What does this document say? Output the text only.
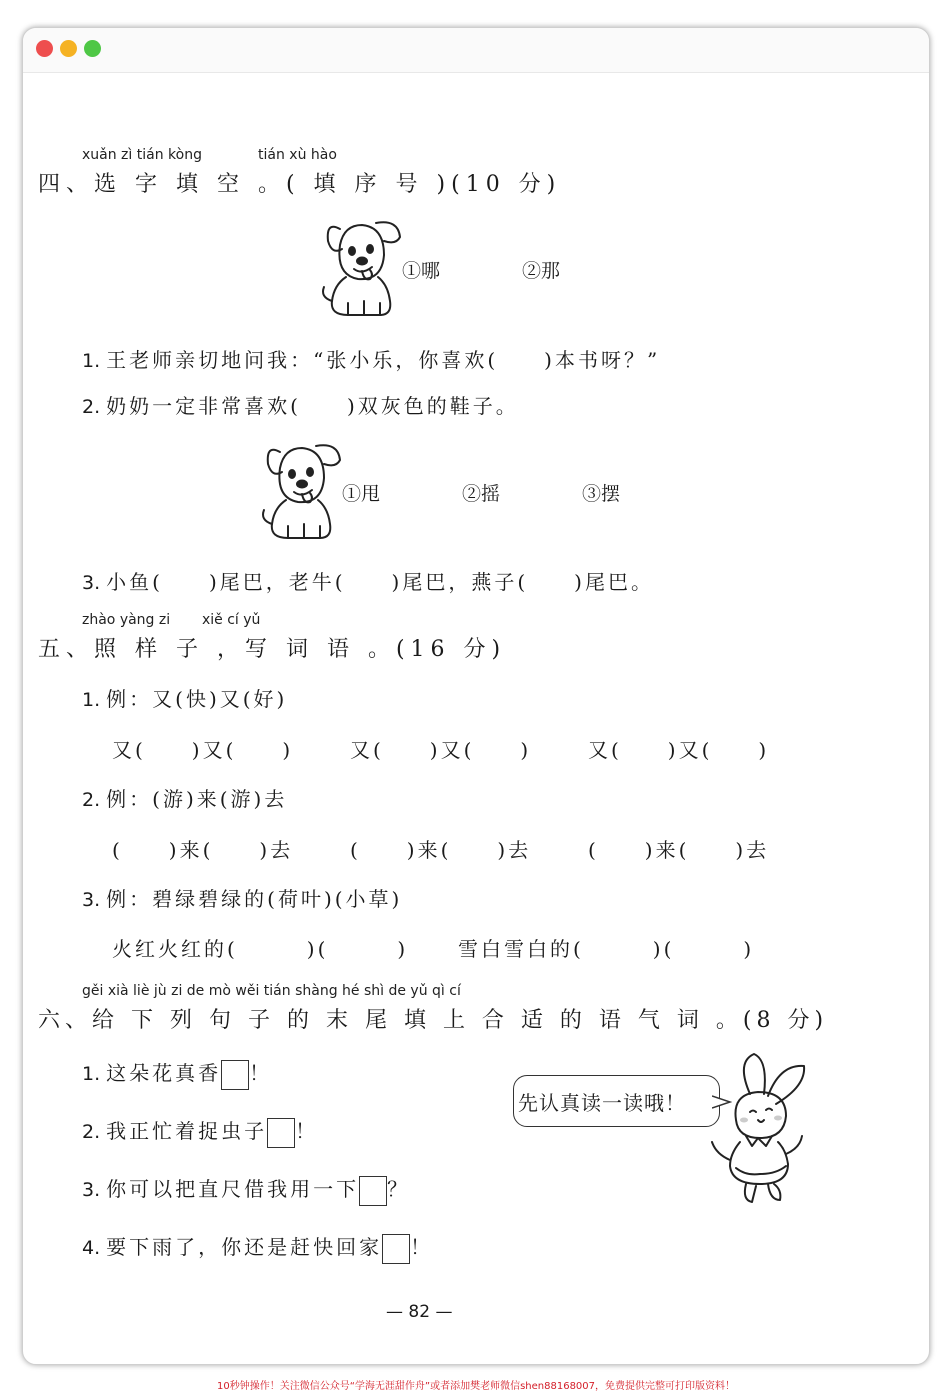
xuǎn zì tián kòng	tián xù hào
四、选 字 填 空 。( 填 序 号 )(10 分)
①哪	②那
1. 王老师亲切地问我：“张小乐，你喜欢(　　)本书呀？”
2. 奶奶一定非常喜欢(　　)双灰色的鞋子。
①甩	②摇	③摆
3. 小鱼(　　)尾巴，老牛(　　)尾巴，燕子(　　)尾巴。
zhào yàng zi xiě cí yǔ
五、照 样 子 ，写 词 语 。(16 分)
1. 例：又(快)又(好)
又(　　)又(　　)	又(　　)又(　　)	又(　　)又(　　)
2. 例：(游)来(游)去
(　　)来(　　)去	(　　)来(　　)去	(　　)来(　　)去
3. 例：碧绿碧绿的(荷叶)(小草)
火红火红的(　　　)(　　　) 雪白雪白的(　　　)(　　　)
gěi xià liè jù zi de mò wěi tián shàng hé shì de yǔ qì cí
六、给 下 列 句 子 的 末 尾 填 上 合 适 的 语 气 词 。(8 分)
1. 这朵花真香 ！
2. 我正忙着捉虫子 ！
3. 你可以把直尺借我用一下 ？
4. 要下雨了，你还是赶快回家 ！
先认真读一读哦！
— 82 —
10秒钟操作！关注微信公众号“学海无涯甜作舟”或者添加樊老师微信shen88168007，免费提供完整可打印版资料！
